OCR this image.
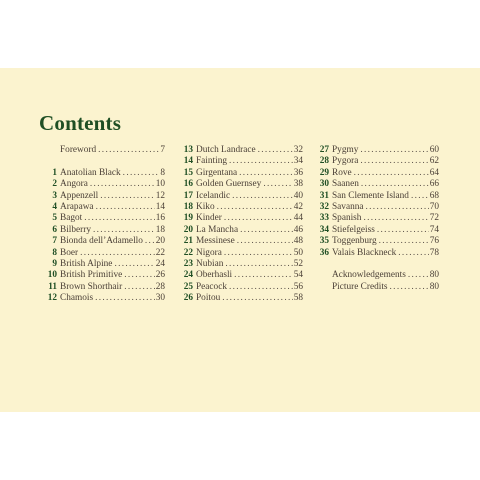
Contents
Foreword . . .	7
1 Anatolian Black . . .	8
2 Angora . . .	10
3 Appenzell . . .	12
4 Arapawa . . .	14
5 Bagot . . .	16
6 Bilberry . . .	18
7 Bionda dell’Adamello . . . 20
8 Boer . . .	22
9 British Alpine . . .	24
10 British Primitive . . .	26
11 Brown Shorthair . . .	28
12 Chamois . . .	30
13 Dutch Landrace . . .	32
14 Fainting . . .	34
15 Girgentana . . .	36
16 Golden Guernsey . . .	38
17 Icelandic . . .	40
18 Kiko . . .	42
19 Kinder . . .	44
20 La Mancha . . .	46
21 Messinese . . .	48
22 Nigora . . .	50
23 Nubian . . .	52
24 Oberhasli . . .	54
25 Peacock . . .	56
26 Poitou . . .	58
27 Pygmy . . .	60
28 Pygora . . .	62
29 Rove . . .	64
30 Saanen . . .	66
31 San Clemente Island . . . 68
32 Savanna . . .	70
33 Spanish . . .	72
34 Stiefelgeiss . . .	74
35 Toggenburg . . .	76
36 Valais Blackneck . . .	78
Acknowledgements . . .	80
Picture Credits . . .	80
